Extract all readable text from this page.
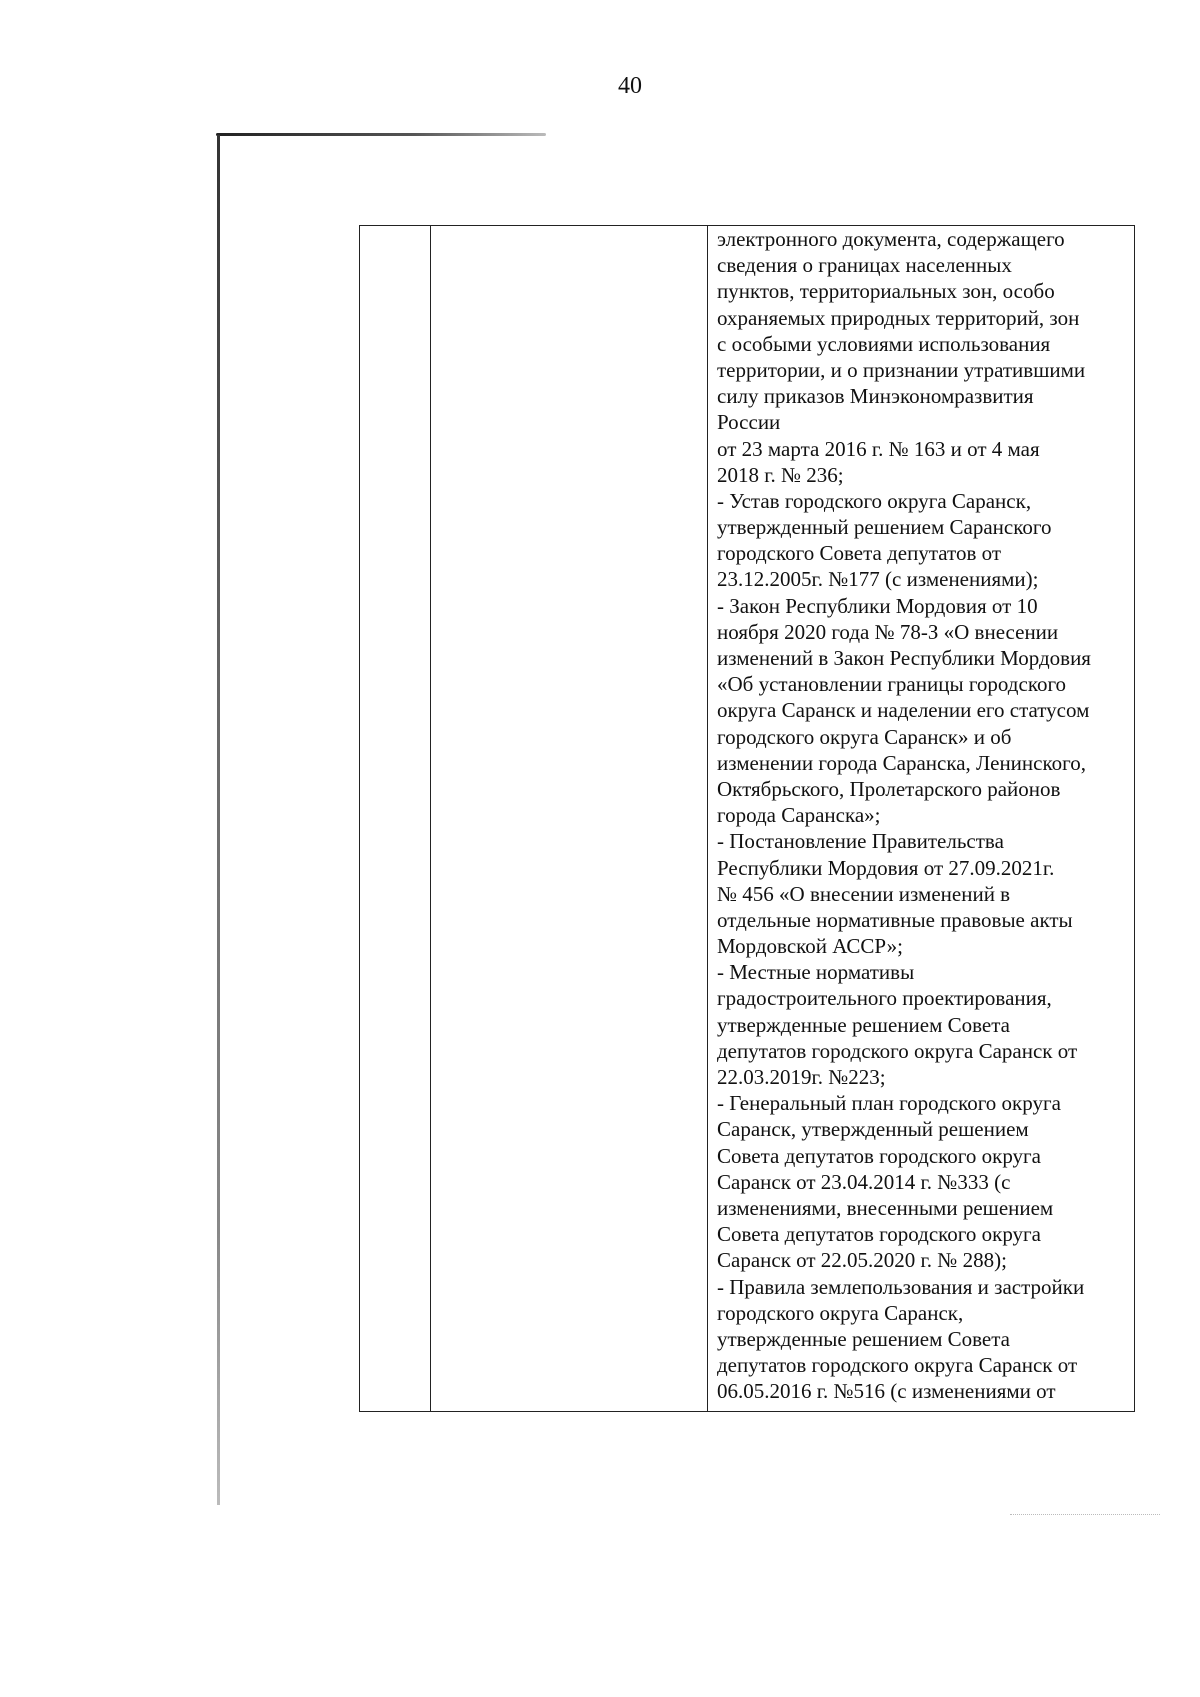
40
электронного документа, содержащего
сведения о границах населенных
пунктов, территориальных зон, особо
охраняемых природных территорий, зон
с особыми условиями использования
территории, и о признании утратившими
силу приказов Минэкономразвития
России
от 23 марта 2016 г. № 163 и от 4 мая
2018 г. № 236;
- Устав городского округа Саранск,
утвержденный решением Саранского
городского Совета депутатов от
23.12.2005г. №177 (с изменениями);
- Закон Республики Мордовия от 10
ноября 2020 года № 78-З «О внесении
изменений в Закон Республики Мордовия
«Об установлении границы городского
округа Саранск и наделении его статусом
городского округа Саранск» и об
изменении города Саранска, Ленинского,
Октябрьского, Пролетарского районов
города Саранска»;
- Постановление Правительства
Республики Мордовия от 27.09.2021г.
№ 456 «О внесении изменений в
отдельные нормативные правовые акты
Мордовской АССР»;
- Местные нормативы
градостроительного проектирования,
утвержденные решением Совета
депутатов городского округа Саранск от
22.03.2019г. №223;
- Генеральный план городского округа
Саранск, утвержденный решением
Совета депутатов городского округа
Саранск от 23.04.2014 г. №333 (с
изменениями, внесенными решением
Совета депутатов городского округа
Саранск от 22.05.2020 г. № 288);
- Правила землепользования и застройки
городского округа Саранск,
утвержденные решением Совета
депутатов городского округа Саранск от
06.05.2016 г. №516 (с изменениями от
